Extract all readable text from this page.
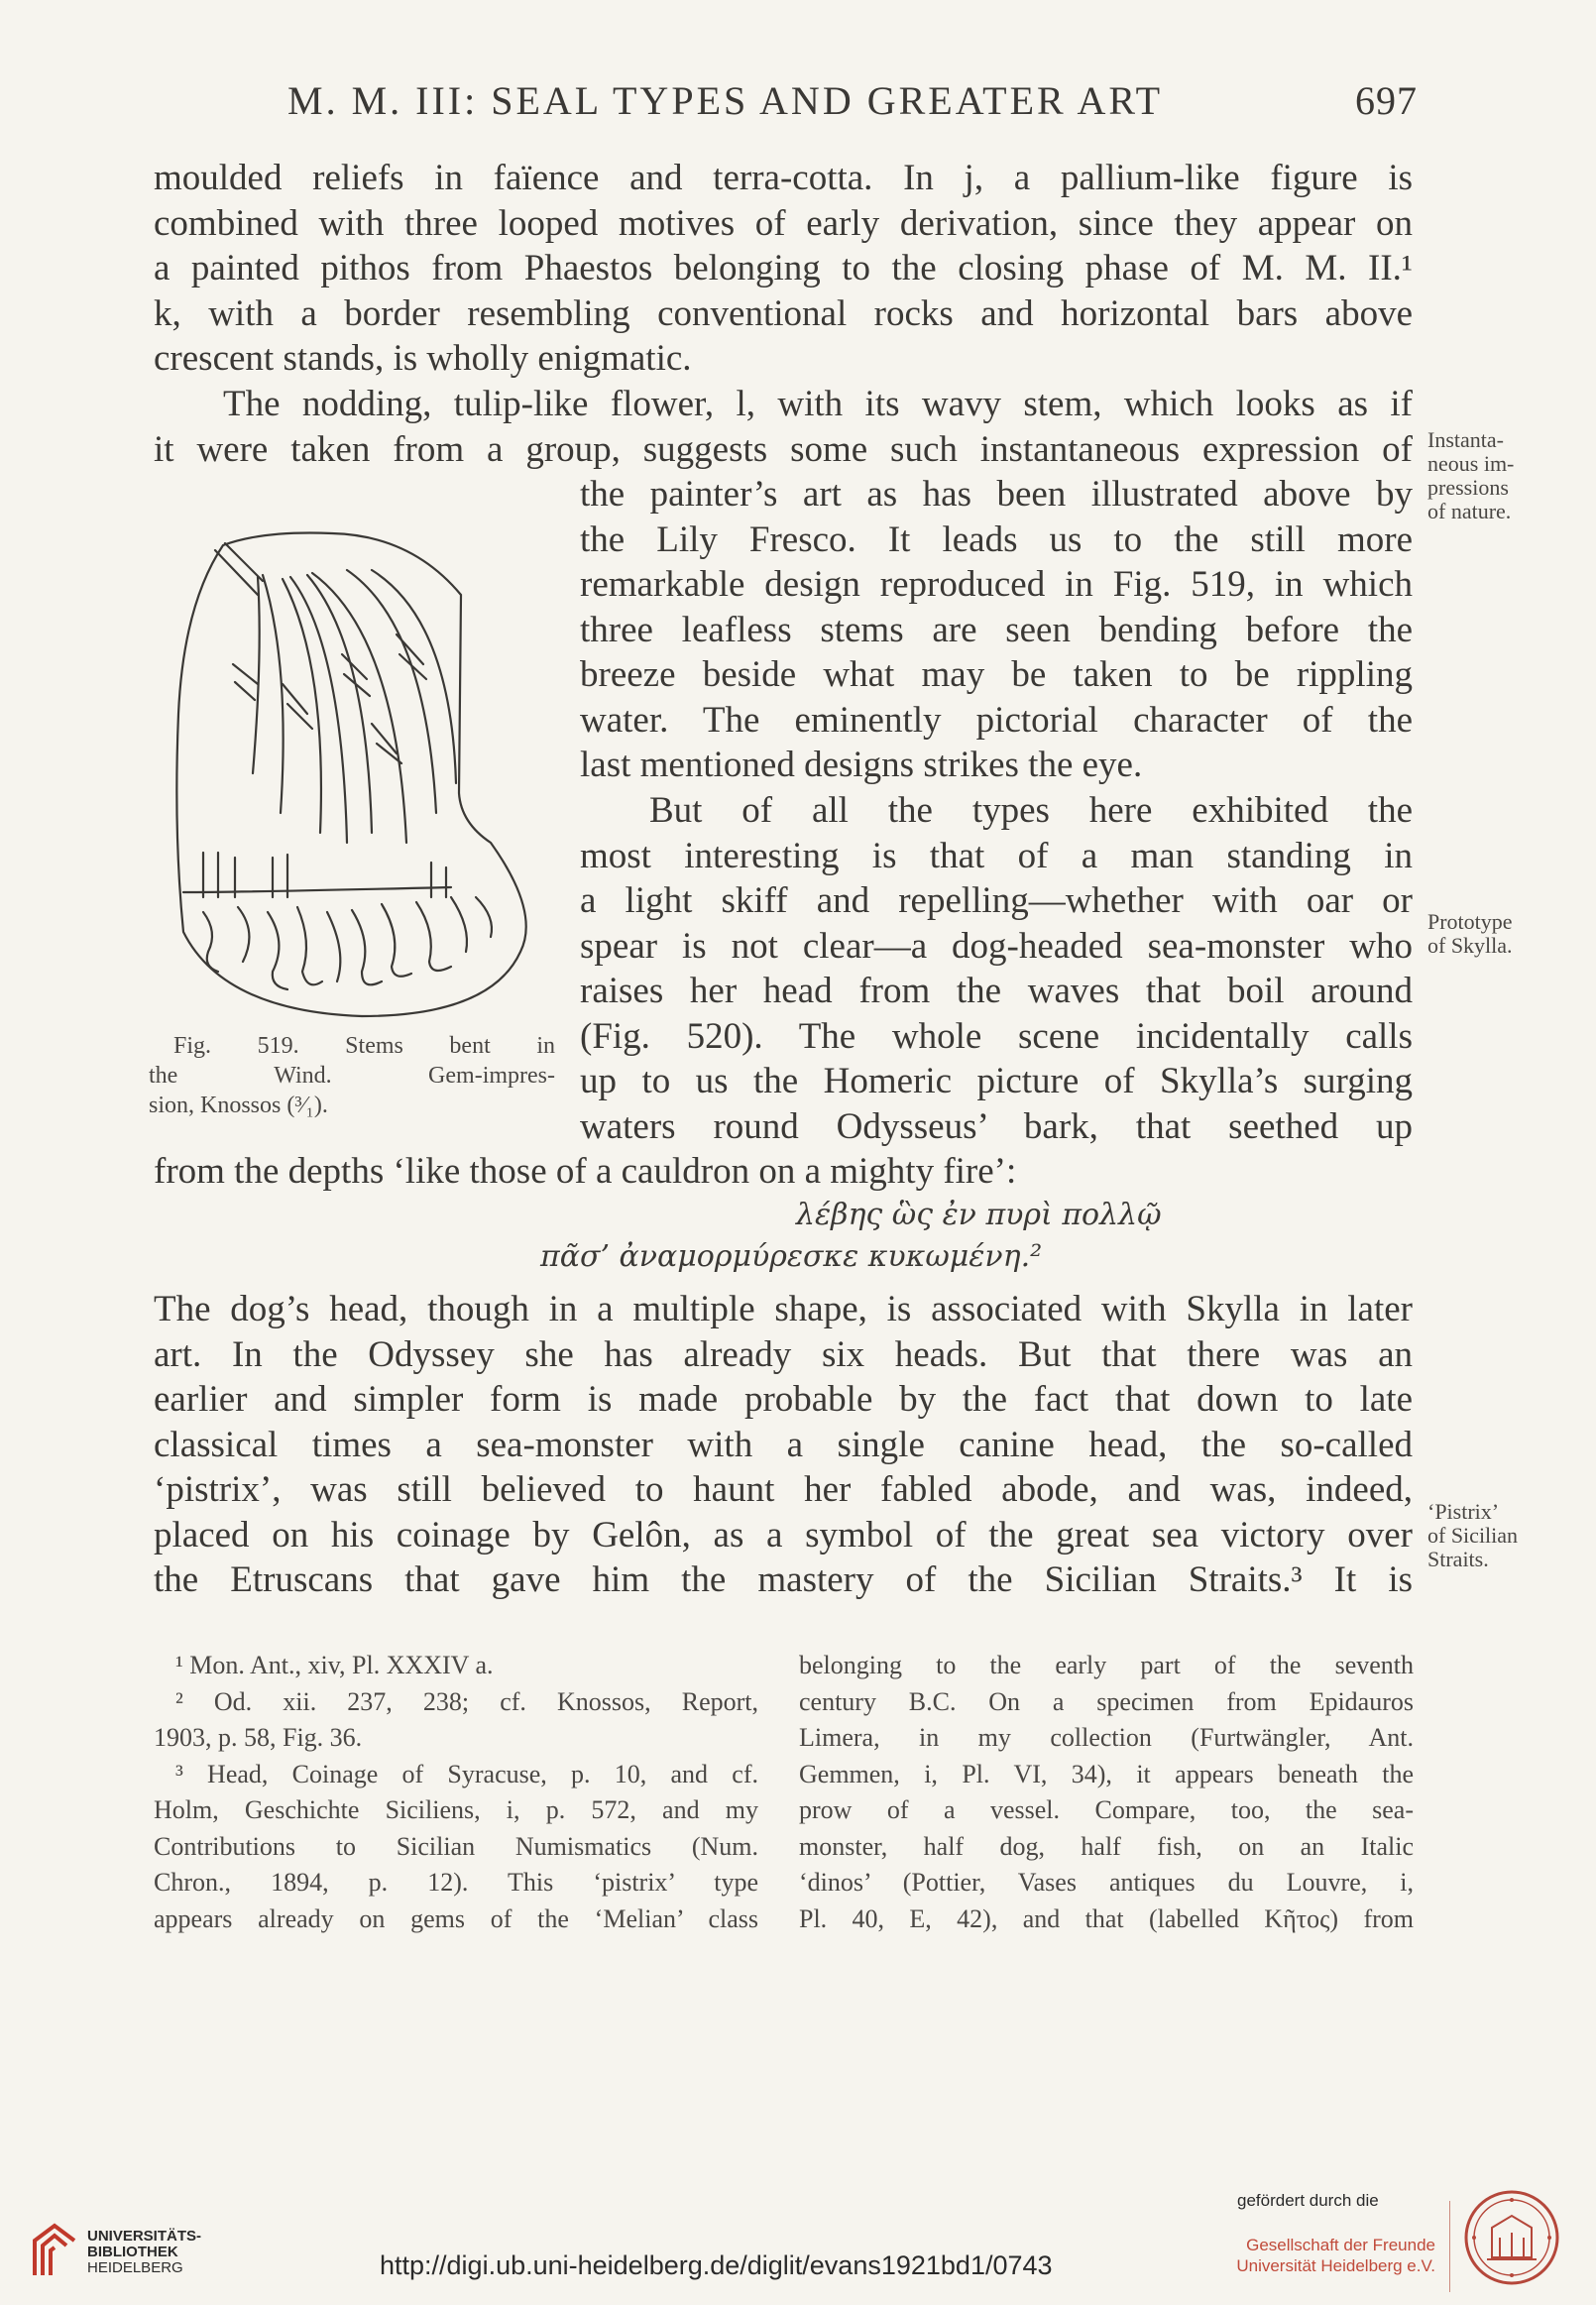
M. M. III: SEAL TYPES AND GREATER ART	697
moulded reliefs in faïence and terra-cotta. In j, a pallium-like figure is
combined with three looped motives of early derivation, since they appear on
a painted pithos from Phaestos belonging to the closing phase of M. M. II.¹
k, with a border resembling conventional rocks and horizontal bars above
crescent stands, is wholly enigmatic.
The nodding, tulip-like flower, l, with its wavy stem, which looks as if
it were taken from a group, suggests some such instantaneous expression of
the painter’s art as has been illustrated above by
the Lily Fresco. It leads us to the still more
remarkable design reproduced in Fig. 519, in which
three leafless stems are seen bending before the
breeze beside what may be taken to be rippling
water. The eminently pictorial character of the
last mentioned designs strikes the eye.
But of all the types here exhibited the
most interesting is that of a man standing in
a light skiff and repelling—whether with oar or
spear is not clear—a dog-headed sea-monster who
raises her head from the waves that boil around
(Fig. 520). The whole scene incidentally calls
up to us the Homeric picture of Skylla’s surging
waters round Odysseus’ bark, that seethed up
from the depths ‘like those of a cauldron on a mighty fire’:
λέβης ὣς ἐν πυρὶ πολλῷ
πᾶσ’ ἀναμορμύρεσκε κυκωμένη.²
The dog’s head, though in a multiple shape, is associated with Skylla in later
art. In the Odyssey she has already six heads. But that there was an
earlier and simpler form is made probable by the fact that down to late
classical times a sea-monster with a single canine head, the so-called
‘pistrix’, was still believed to haunt her fabled abode, and was, indeed,
placed on his coinage by Gelôn, as a symbol of the great sea victory over
the Etruscans that gave him the mastery of the Sicilian Straits.³ It is
Instanta-
neous im-
pressions
of nature.
Prototype
of Skylla.
‘Pistrix’
of Sicilian
Straits.
Fig. 519. Stems bent in
the Wind. Gem-impres-
sion, Knossos (³⁄₁).
¹ Mon. Ant., xiv, Pl. XXXIV a.
² Od. xii. 237, 238; cf. Knossos, Report,
1903, p. 58, Fig. 36.
³ Head, Coinage of Syracuse, p. 10, and cf.
Holm, Geschichte Siciliens, i, p. 572, and my
Contributions to Sicilian Numismatics (Num.
Chron., 1894, p. 12). This ‘pistrix’ type
appears already on gems of the ‘Melian’ class
belonging to the early part of the seventh
century B.C. On a specimen from Epidauros
Limera, in my collection (Furtwängler, Ant.
Gemmen, i, Pl. VI, 34), it appears beneath the
prow of a vessel. Compare, too, the sea-
monster, half dog, half fish, on an Italic
‘dinos’ (Pottier, Vases antiques du Louvre, i,
Pl. 40, E, 42), and that (labelled Κῆτος) from
UNIVERSITÄTS-
BIBLIOTHEK
HEIDELBERG	http://digi.ub.uni-heidelberg.de/diglit/evans1921bd1/0743
gefördert durch die
Gesellschaft der Freunde
Universität Heidelberg e.V.
